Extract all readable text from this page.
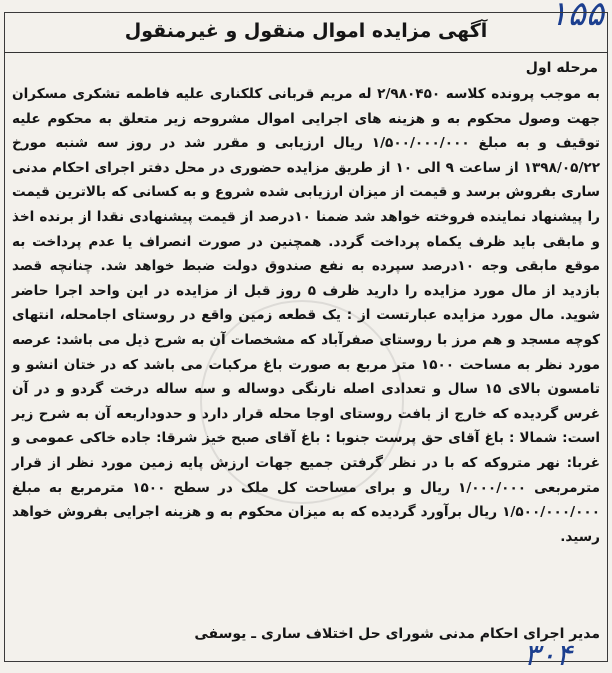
۱۵۵
آگهی مزایده اموال منقول و غیرمنقول
مرحله اول
به موجب پرونده کلاسه ۲/۹۸۰۴۵۰ له مریم قربانی کلکناری علیه فاطمه تشکری مسکران جهت وصول محکوم به و هزینه های اجرایی اموال مشروحه زیر متعلق به محکوم علیه توقیف و به مبلغ ۱/۵۰۰/۰۰۰/۰۰۰ ریال ارزیابی و مقرر شد در روز سه شنبه مورخ ۱۳۹۸/۰۵/۲۲ از ساعت ۹ الی ۱۰ از طریق مزایده حضوری در محل دفتر اجرای احکام مدنی ساری بفروش برسد و قیمت از میزان ارزیابی شده شروع و به کسانی که بالاترین قیمت را پیشنهاد نماینده فروخته خواهد شد ضمنا ۱۰درصد از قیمت پیشنهادی نقدا از برنده اخذ و مابقی باید ظرف یکماه پرداخت گردد. همچنین در صورت انصراف یا عدم پرداخت به موقع مابقی وجه ۱۰درصد سپرده به نفع صندوق دولت ضبط خواهد شد. چنانچه قصد بازدید از مال مورد مزایده را دارید ظرف ۵ روز قبل از مزایده در این واحد اجرا حاضر شوید. مال مورد مزایده عبارتست از : یک قطعه زمین واقع در روستای اجامحله، انتهای کوچه مسجد و هم مرز با روستای صفرآباد که مشخصات آن به شرح ذیل می باشد: عرصه مورد نظر به مساحت ۱۵۰۰ متر مربع به صورت باغ مرکبات می باشد که در ختان انشو و تامسون بالای ۱۵ سال و تعدادی اصله نارنگی دوساله و سه ساله درخت گردو و در آن غرس گردیده که خارج از بافت روستای اوجا محله قرار دارد و حدوداربعه آن به شرح زیر است: شمالا : باغ آقای حق پرست جنوبا : باغ آقای صبح خیز شرقا: جاده خاکی عمومی و غربا: نهر متروکه که با در نظر گرفتن جمیع جهات ارزش پایه زمین مورد نظر از قرار مترمربعی ۱/۰۰۰/۰۰۰ ریال و برای مساحت کل ملک در سطح ۱۵۰۰ مترمربع به مبلغ ۱/۵۰۰/۰۰۰/۰۰۰ ریال برآورد گردیده که به میزان محکوم به و هزینه اجرایی بفروش خواهد رسید.
مدیر اجرای احکام مدنی شورای حل اختلاف ساری ـ یوسفی
۳۰۴
